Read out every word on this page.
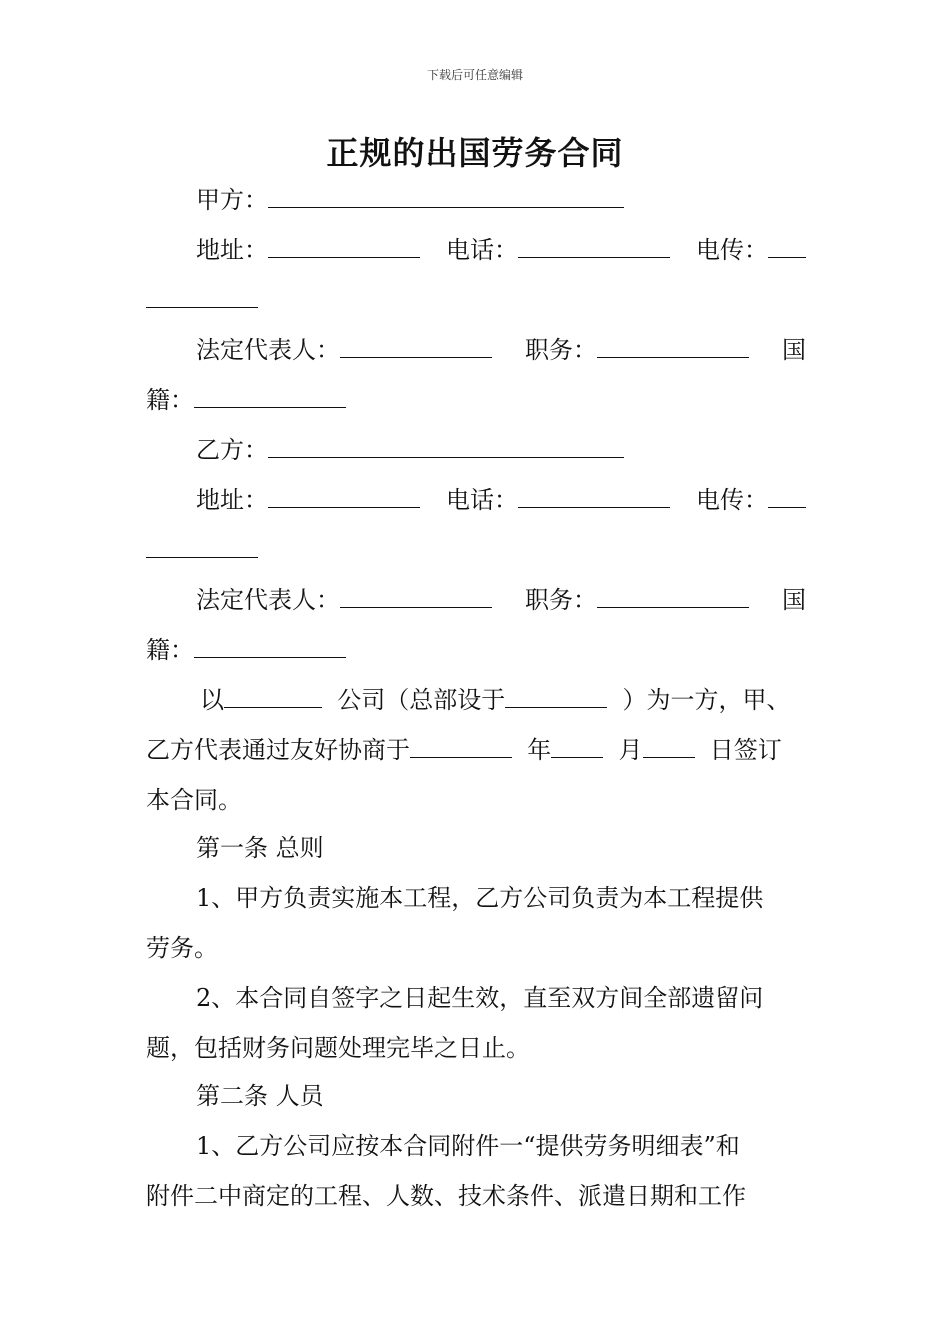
下载后可任意编辑
正规的出国劳务合同
甲方：
地址：	电话：	电传：
法定代表人：	职务：	国
籍：
乙方：
地址：	电话：	电传：
法定代表人：	职务：	国
籍：
以	公司（总部设于	）为一方，甲、
乙方代表通过友好协商于	年	月	日签订
本合同。
第一条 总则
1、甲方负责实施本工程，乙方公司负责为本工程提供
劳务。
2、本合同自签字之日起生效，直至双方间全部遗留问
题，包括财务问题处理完毕之日止。
第二条 人员
1、乙方公司应按本合同附件一“提供劳务明细表”和
附件二中商定的工程、人数、技术条件、派遣日期和工作
